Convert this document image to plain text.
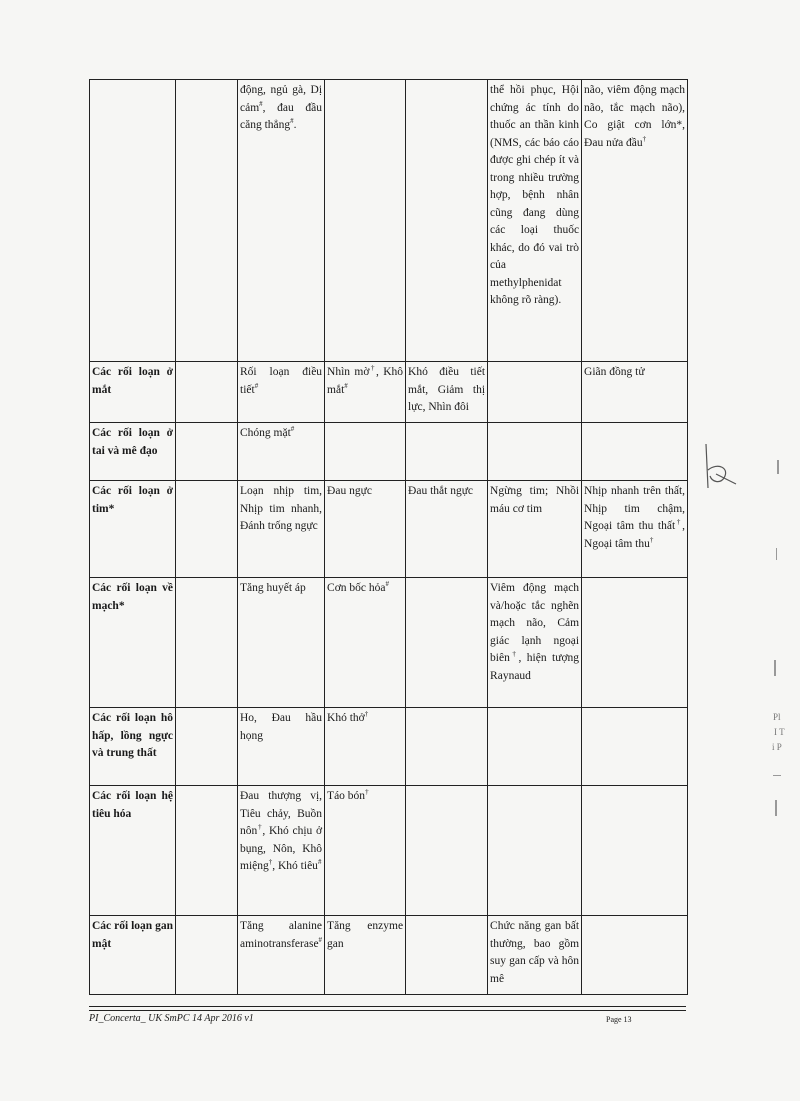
		động, ngủ gà, Dị cảm#, đau đầu căng thẳng#.			thể hồi phục, Hội chứng ác tính do thuốc an thần kinh (NMS, các báo cáo được ghi chép ít và trong nhiều trường hợp, bệnh nhân cũng đang dùng các loại thuốc khác, do đó vai trò của methylphenidat không rõ ràng).	não, viêm động mạch não, tắc mạch não), Co giật cơn lớn*, Đau nửa đầu†
Các rối loạn ở mắt		Rối loạn điều tiết#	Nhìn mờ†, Khô mắt#	Khó điều tiết mắt, Giảm thị lực, Nhìn đôi		Giãn đồng tử
Các rối loạn ở tai và mê đạo		Chóng mặt#				
Các rối loạn ở tim*		Loạn nhịp tim, Nhịp tim nhanh, Đánh trống ngực	Đau ngực	Đau thắt ngực	Ngừng tim; Nhồi máu cơ tim	Nhịp nhanh trên thất, Nhịp tim chậm, Ngoại tâm thu thất†, Ngoại tâm thu†
Các rối loạn về mạch*		Tăng huyết áp	Cơn bốc hỏa#		Viêm động mạch và/hoặc tắc nghẽn mạch não, Cảm giác lạnh ngoại biên†, hiện tượng Raynaud	
Các rối loạn hô hấp, lồng ngực và trung thất		Ho, Đau hầu họng	Khó thở†			
Các rối loạn hệ tiêu hóa		Đau thượng vị, Tiêu chảy, Buồn nôn†, Khó chịu ở bụng, Nôn, Khô miệng†, Khó tiêu#	Táo bón†			
Các rối loạn gan mật		Tăng alanine aminotransferase#	Tăng enzyme gan		Chức năng gan bất thường, bao gồm suy gan cấp và hôn mê	
PI_Concerta_ UK SmPC 14 Apr 2016 v1	Page 13
Pl
I T
i P
